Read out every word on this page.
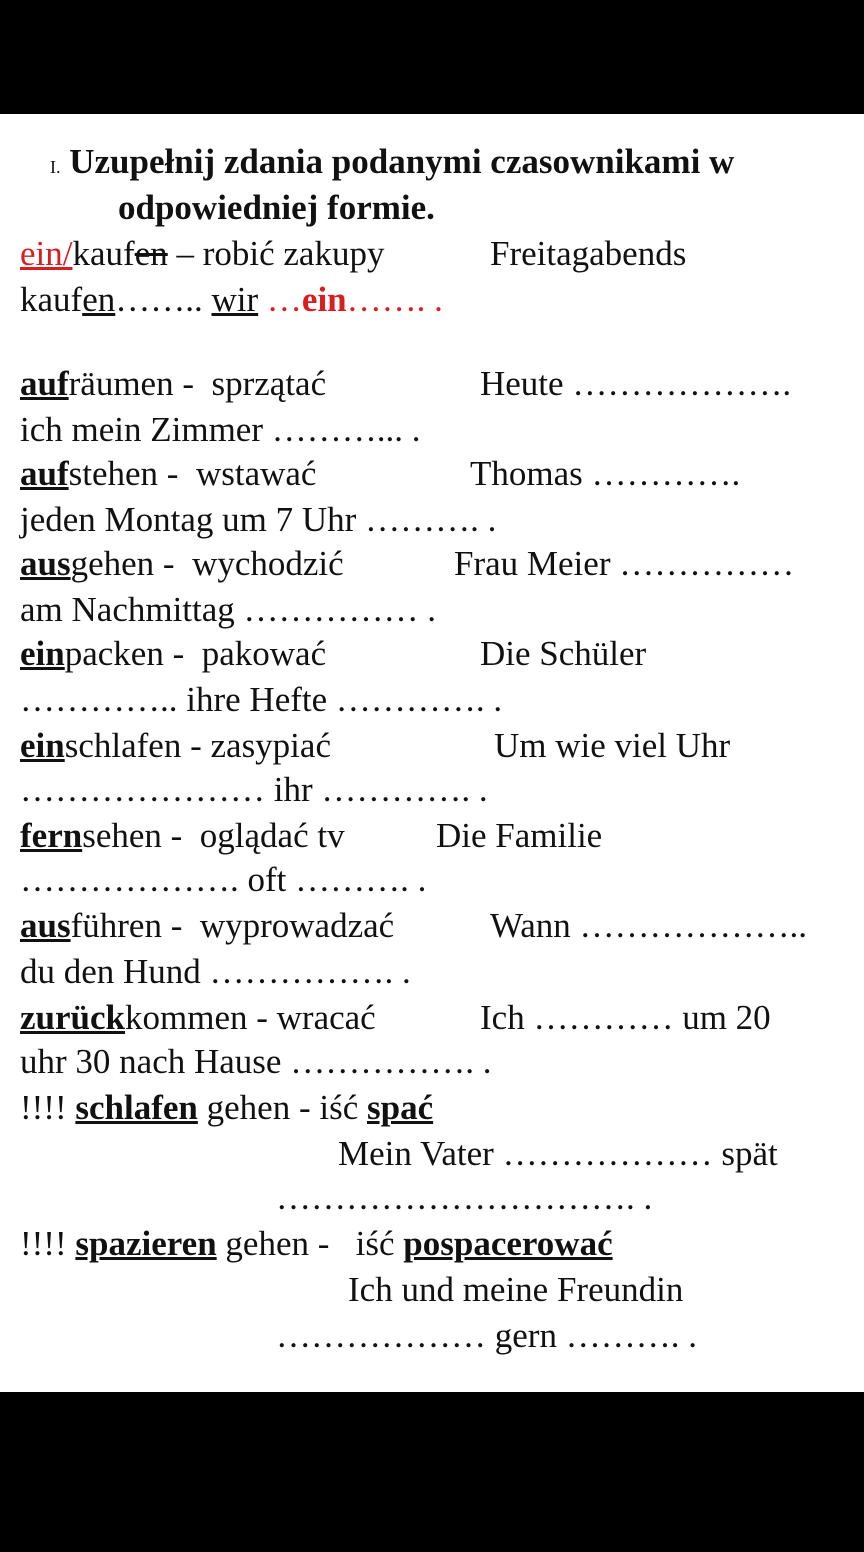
I. Uzupełnij zdania podanymi czasownikami w
odpowiedniej formie.
ein/kaufen – robić zakupy	Freitagabends
kaufen…….. wir …ein……. .
aufräumen -  sprzątać	Heute ……………….
ich mein Zimmer ………... .
aufstehen -  wstawać	Thomas ………….
jeden Montag um 7 Uhr ………. .
ausgehen -  wychodzić	Frau Meier ……………
am Nachmittag …………… .
einpacken -  pakować	Die Schüler
………….. ihre Hefte …………. .
einschlafen - zasypiać	Um wie viel Uhr
………………… ihr …………. .
fernsehen -  oglądać tv	Die Familie
………………. oft ………. .
ausführen -  wyprowadzać	Wann ………………..
du den Hund ……………. .
zurückkommen - wracać	Ich ………… um 20
uhr 30 nach Hause ……………. .
!!!! schlafen gehen - iść spać
Mein Vater ……………… spät
…………………………. .
!!!! spazieren gehen -   iść pospacerować
Ich und meine Freundin
……………… gern ………. .
